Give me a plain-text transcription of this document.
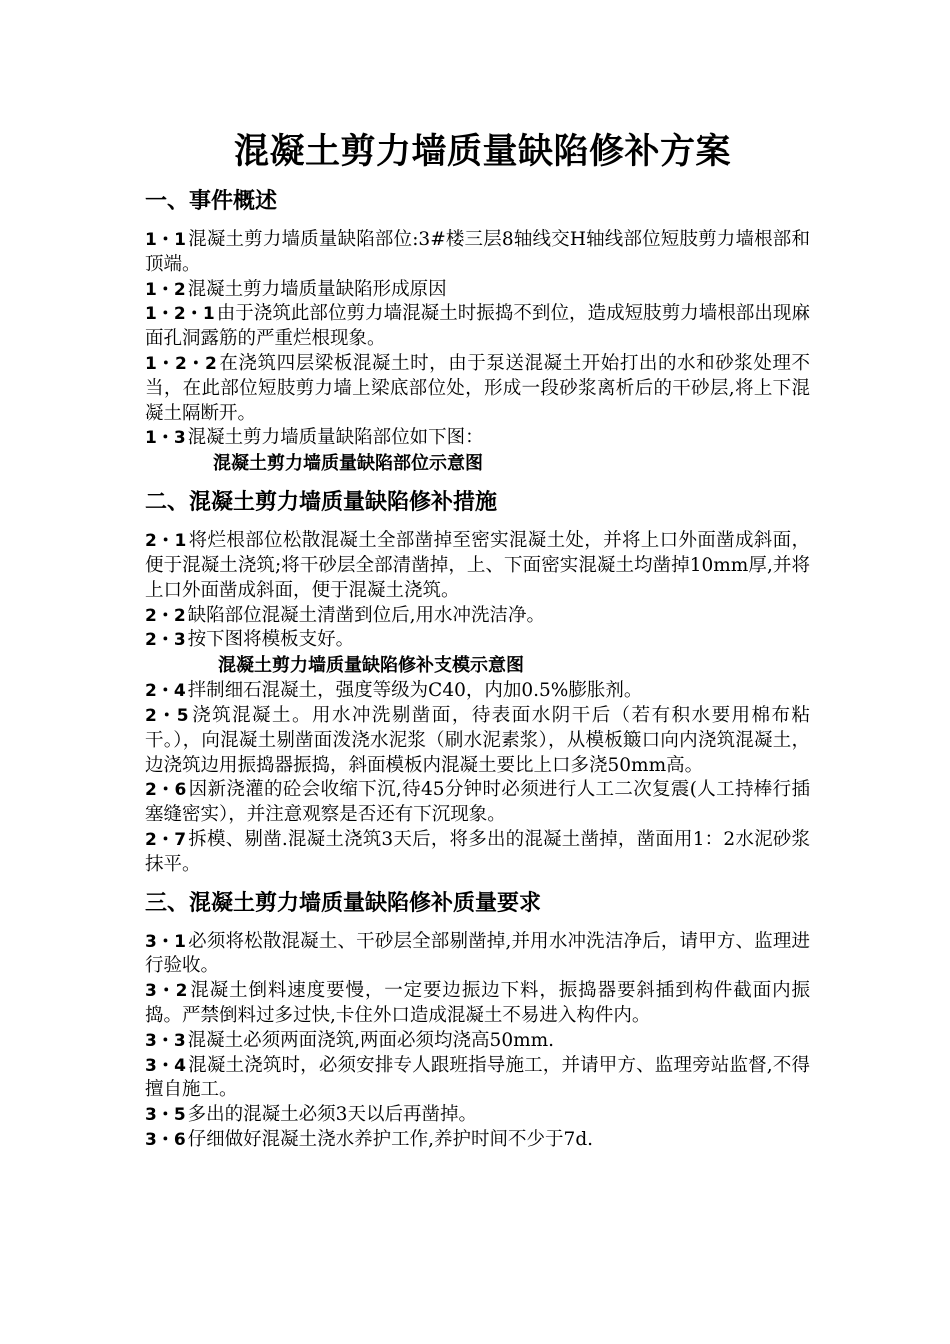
混凝土剪力墙质量缺陷修补方案
一、事件概述

1・1 混凝土剪力墙质量缺陷部位:3#楼三层8轴线交H轴线部位短肢剪力墙根部和顶端。

1・2 混凝土剪力墙质量缺陷形成原因

1・2・1 由于浇筑此部位剪力墙混凝土时振捣不到位，造成短肢剪力墙根部出现麻面孔洞露筋的严重烂根现象。

1・2・2 在浇筑四层梁板混凝土时，由于泵送混凝土开始打出的水和砂浆处理不当，在此部位短肢剪力墙上梁底部位处，形成一段砂浆离析后的干砂层,将上下混凝土隔断开。

1・3 混凝土剪力墙质量缺陷部位如下图：

混凝土剪力墙质量缺陷部位示意图

二、混凝土剪力墙质量缺陷修补措施

2・1 将烂根部位松散混凝土全部凿掉至密实混凝土处，并将上口外面凿成斜面，便于混凝土浇筑;将干砂层全部清凿掉，上、下面密实混凝土均凿掉10mm厚,并将上口外面凿成斜面，便于混凝土浇筑。

2・2 缺陷部位混凝土清凿到位后,用水冲洗洁净。

2・3 按下图将模板支好。

混凝土剪力墙质量缺陷修补支模示意图

2・4 拌制细石混凝土，强度等级为C40，内加0.5%膨胀剂。

2・5 浇筑混凝土。用水冲洗剔凿面，待表面水阴干后（若有积水要用棉布粘干。），向混凝土剔凿面泼浇水泥浆（刷水泥素浆），从模板簸口向内浇筑混凝土，边浇筑边用振捣器振捣，斜面模板内混凝土要比上口多浇50mm高。

2・6 因新浇灌的砼会收缩下沉,待45分钟时必须进行人工二次复震(人工持棒行插塞缝密实），并注意观察是否还有下沉现象。

2・7 拆模、剔凿.混凝土浇筑3天后，将多出的混凝土凿掉，凿面用1：2水泥砂浆抹平。

三、混凝土剪力墙质量缺陷修补质量要求

3・1 必须将松散混凝土、干砂层全部剔凿掉,并用水冲洗洁净后，请甲方、监理进行验收。

3・2 混凝土倒料速度要慢，一定要边振边下料，振捣器要斜插到构件截面内振捣。严禁倒料过多过快,卡住外口造成混凝土不易进入构件内。

3・3 混凝土必须两面浇筑,两面必须均浇高50mm.

3・4 混凝土浇筑时，必须安排专人跟班指导施工，并请甲方、监理旁站监督,不得擅自施工。

3・5 多出的混凝土必须3天以后再凿掉。

3・6 仔细做好混凝土浇水养护工作,养护时间不少于7d.
